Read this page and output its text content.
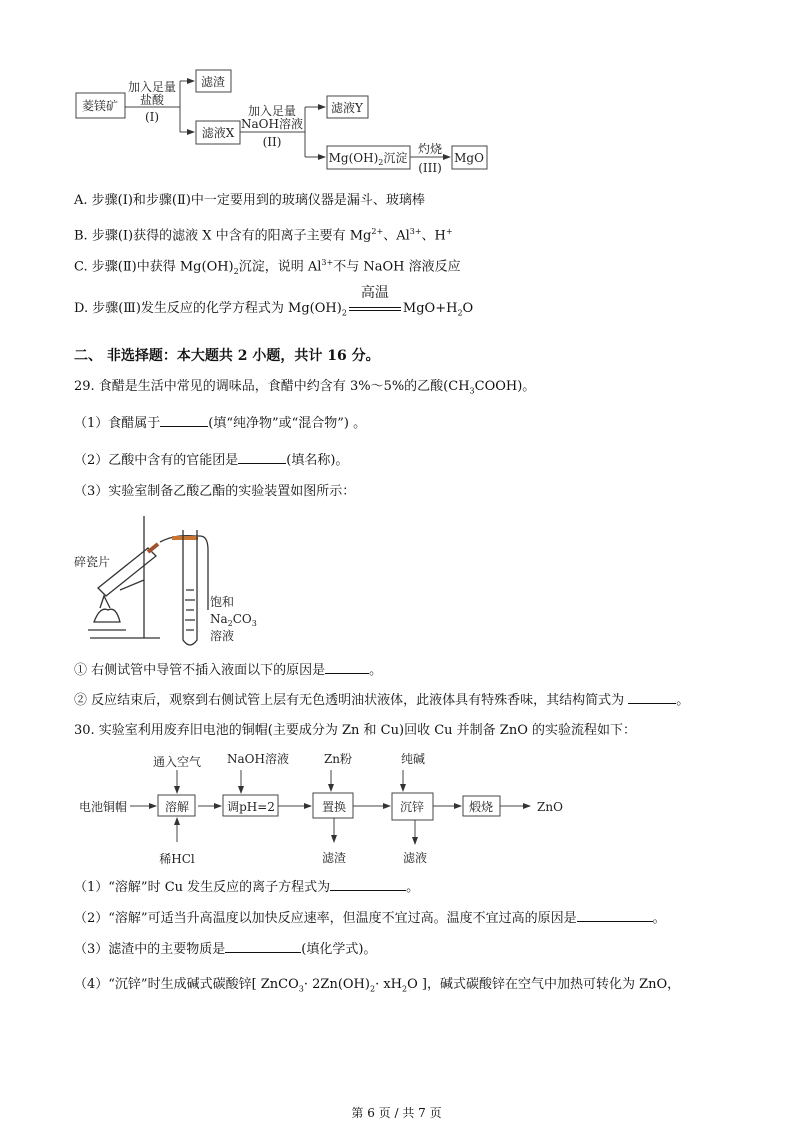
菱镁矿
加入足量
盐酸
(I)
滤渣
滤液X
加入足量
NaOH溶液
(II)
滤液Y
$Mg(OH)_2$沉淀
灼烧
(III)
MgO
A. 步骤(Ⅰ)和步骤(Ⅱ)中一定要用到的玻璃仪器是漏斗、玻璃棒
B. 步骤(Ⅰ)获得的滤液 X 中含有的阳离子主要有 $Mg^{2+}$、$Al^{3+}$、H+
C. 步骤(Ⅱ)中获得 $Mg(OH)_2$沉淀，说明 $Al^{3+}$不与 NaOH 溶液反应
D. 步骤(Ⅲ)发生反应的化学方程式为 $Mg(OH)_2$
高温
$MgO+H_2O$
二、 非选择题：本大题共 2 小题，共计 16 分。
29. 食醋是生活中常见的调味品，食醋中约含有 3%～5%的乙酸$(CH_3COOH)$。
（1）食醋属于	(填“纯净物”或“混合物”) 。
（2）乙酸中含有的官能团是	(填名称)。
（3）实验室制备乙酸乙酯的实验装置如图所示：
碎瓷片
饱和
$Na_2CO_3$
溶液
① 右侧试管中导管不插入液面以下的原因是	。
② 反应结束后，观察到右侧试管上层有无色透明油状液体，此液体具有特殊香味，其结构简式为	。
30. 实验室利用废弃旧电池的铜帽(主要成分为 Zn 和 Cu)回收 Cu 并制备 ZnO 的实验流程如下：
电池铜帽
通入空气
稀HCl
溶解
NaOH溶液
调pH=2
Zn粉
置换
滤渣
纯碱
沉锌
滤液
煅烧	ZnO
（1）“溶解”时 Cu 发生反应的离子方程式为	。
（2）“溶解”可适当升高温度以加快反应速率，但温度不宜过高。温度不宜过高的原因是	。
（3）滤渣中的主要物质是	(填化学式)。
（4）“沉锌”时生成碱式碳酸锌[ ZnCO$_3$· $2Zn(OH)_2\cdot xH_2O$ ]，碱式碳酸锌在空气中加热可转化为 ZnO，
第 6 页 / 共 7 页
